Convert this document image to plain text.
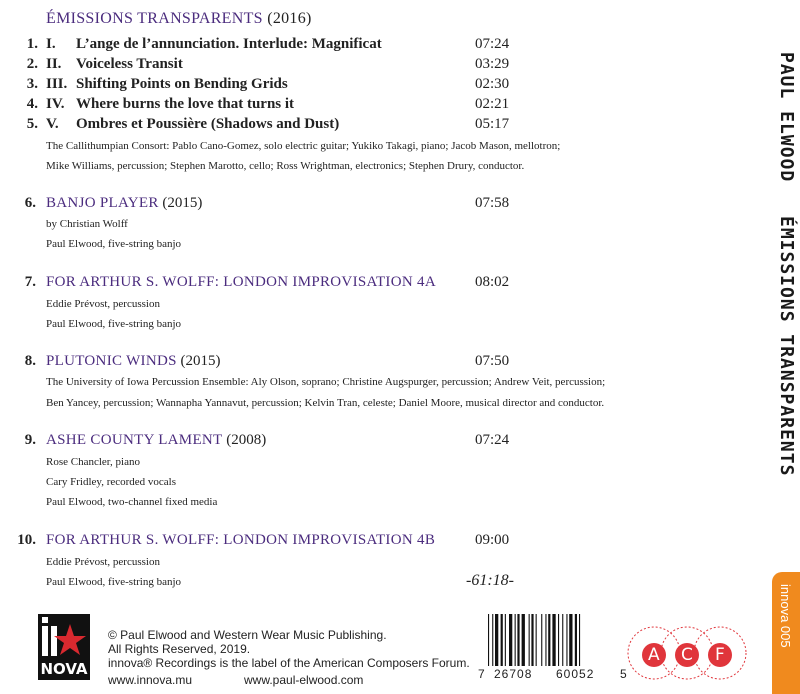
ÉMISSIONS TRANSPARENTS (2016)
1. I. L’ange de l’annunciation. Interlude: Magnificat	07:24
2. II. Voiceless Transit	03:29
3. III. Shifting Points on Bending Grids	02:30
4. IV. Where burns the love that turns it	02:21
5. V. Ombres et Poussière (Shadows and Dust)	05:17
The Callithumpian Consort: Pablo Cano-Gomez, solo electric guitar; Yukiko Takagi, piano; Jacob Mason, mellotron;
Mike Williams, percussion; Stephen Marotto, cello; Ross Wrightman, electronics; Stephen Drury, conductor.
6. BANJO PLAYER (2015)	07:58
by Christian Wolff
Paul Elwood, five-string banjo
7. FOR ARTHUR S. WOLFF: LONDON IMPROVISATION 4A	08:02
Eddie Prévost, percussion
Paul Elwood, five-string banjo
8. PLUTONIC WINDS (2015)	07:50
The University of Iowa Percussion Ensemble: Aly Olson, soprano; Christine Augspurger, percussion; Andrew Veit, percussion;
Ben Yancey, percussion; Wannapha Yannavut, percussion; Kelvin Tran, celeste; Daniel Moore, musical director and conductor.
9. ASHE COUNTY LAMENT (2008)	07:24
Rose Chancler, piano
Cary Fridley, recorded vocals
Paul Elwood, two-channel fixed media
10. FOR ARTHUR S. WOLFF: LONDON IMPROVISATION 4B	09:00
Eddie Prévost, percussion
Paul Elwood, five-string banjo	-61:18-
PAUL ELWOOD
ÉMISSIONS TRANSPARENTS
NOVA
© Paul Elwood and Western Wear Music Publishing.
All Rights Reserved, 2019.
innova® Recordings is the label of the American Composers Forum.
www.innova.mu	www.paul-elwood.com	7 26708 60052 5
A C F
innova 005
